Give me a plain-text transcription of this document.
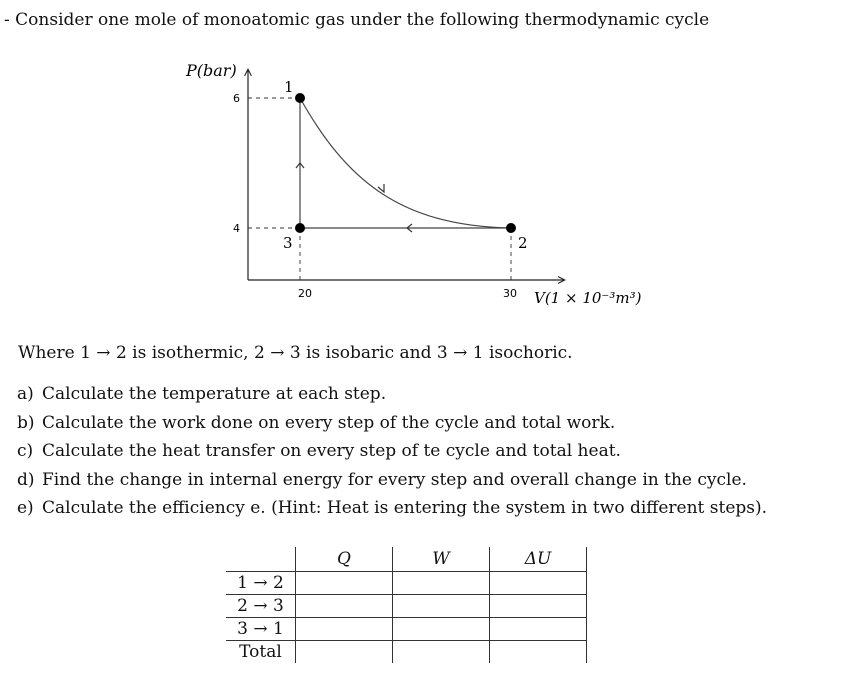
- Consider one mole of monoatomic gas under the following thermodynamic cycle
P(bar)
V(1 × 10⁻³m³)
6
4
20	30
1
2
3
Where 1 → 2 is isothermic, 2 → 3 is isobaric and 3 → 1 isochoric.
a) Calculate the temperature at each step.
b) Calculate the work done on every step of the cycle and total work.
c) Calculate the heat transfer on every step of te cycle and total heat.
d) Find the change in internal energy for every step and overall change in the cycle.
e) Calculate the efficiency e. (Hint: Heat is entering the system in two different steps).
	Q	W	ΔU
1 → 2			
2 → 3			
3 → 1			
Total			
